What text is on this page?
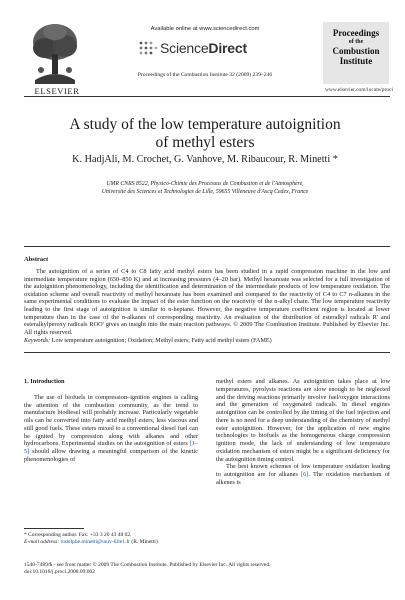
ELSEVIER
Available online at www.sciencedirect.com
ScienceDirect
Proceedings of the Combustion Institute 32 (2009) 239–246
Proceedings
of the
Combustion
Institute
www.elsevier.com/locate/proci
A study of the low temperature autoignition
of methyl esters
K. HadjAli, M. Crochet, G. Vanhove, M. Ribaucour, R. Minetti *
UMR CNRS 8522, Physico-Chimie des Processus de Combustion et de l'Atmosphère,
Université des Sciences et Technologies de Lille, 59655 Villeneuve d'Ascq Cedex, France
Abstract
The autoignition of a series of C4 to C8 fatty acid methyl esters has been studied in a rapid compression machine in the low and intermediate temperature region (650–850 K) and at increasing pressures (4–20 bar). Methyl hexanoate was selected for a full investigation of the autoignition phenomenology, including the identification and determination of the intermediate products of low temperature oxidation. The oxidation scheme and overall reactivity of methyl hexanoate has been examined and compared to the reactivity of C4 to C7 n-alkanes in the same experimental conditions to evaluate the impact of the ester function on the reactivity of the n-alkyl chain. The low temperature reactivity leading to the first stage of autoignition is similar to n-heptane. However, the negative temperature coefficient region is located at lower temperature than in the case of the n-alkanes of corresponding reactivity. An evaluation of the distribution of esteralkyl radicals R' and esteralkylperoxy radicals ROO' gives an insight into the main reaction pathways. © 2009 The Combustion Institute. Published by Elsevier Inc. All rights reserved.
Keywords: Low temperature autoignition; Oxidation; Methyl esters; Fatty acid methyl esters (FAME)
1. Introduction

The use of biofuels in compression–ignition engines is calling the attention of the combustion community, as the trend to manufacture biodiesel will probably increase. Particularly vegetable oils can be converted into fatty acid methyl esters, less viscous and still good fuels. These esters mixed to a conventional diesel fuel can be ignited by compression along with alkanes and other hydrocarbons. Experimental studies on the autoignition of esters [1–5] should allow drawing a meaningful comparison of the kinetic phenomenologies of

methyl esters and alkanes. As autoignition takes place at low temperatures, pyrolysis reactions are slow enough to be neglected and the driving reactions primarily involve fuel/oxygen interactions and the generation of oxygenated radicals. In diesel engines autoignition can be controlled by the timing of the fuel injection and there is no need for a deep understanding of the chemistry of methyl ester autoignition. However, for the application of new engine technologies to biofuels as the homogeneous charge compression ignition mode, the lack of understanding of low temperature oxidation mechanism of esters might be a significant deficiency for the autoignition timing control.

The best known schemes of low temperature oxidation leading to autoignition are for alkanes [6]. The oxidation mechanism of alkenes is

* Corresponding author. Fax: +33 3 20 43 48 02.
E-mail address: rodolphe.minetti@univ-lille1.fr (R. Minetti).
1540-7489/$ - see front matter © 2009 The Combustion Institute. Published by Elsevier Inc. All rights reserved.
doi:10.1016/j.proci.2008.09.002
